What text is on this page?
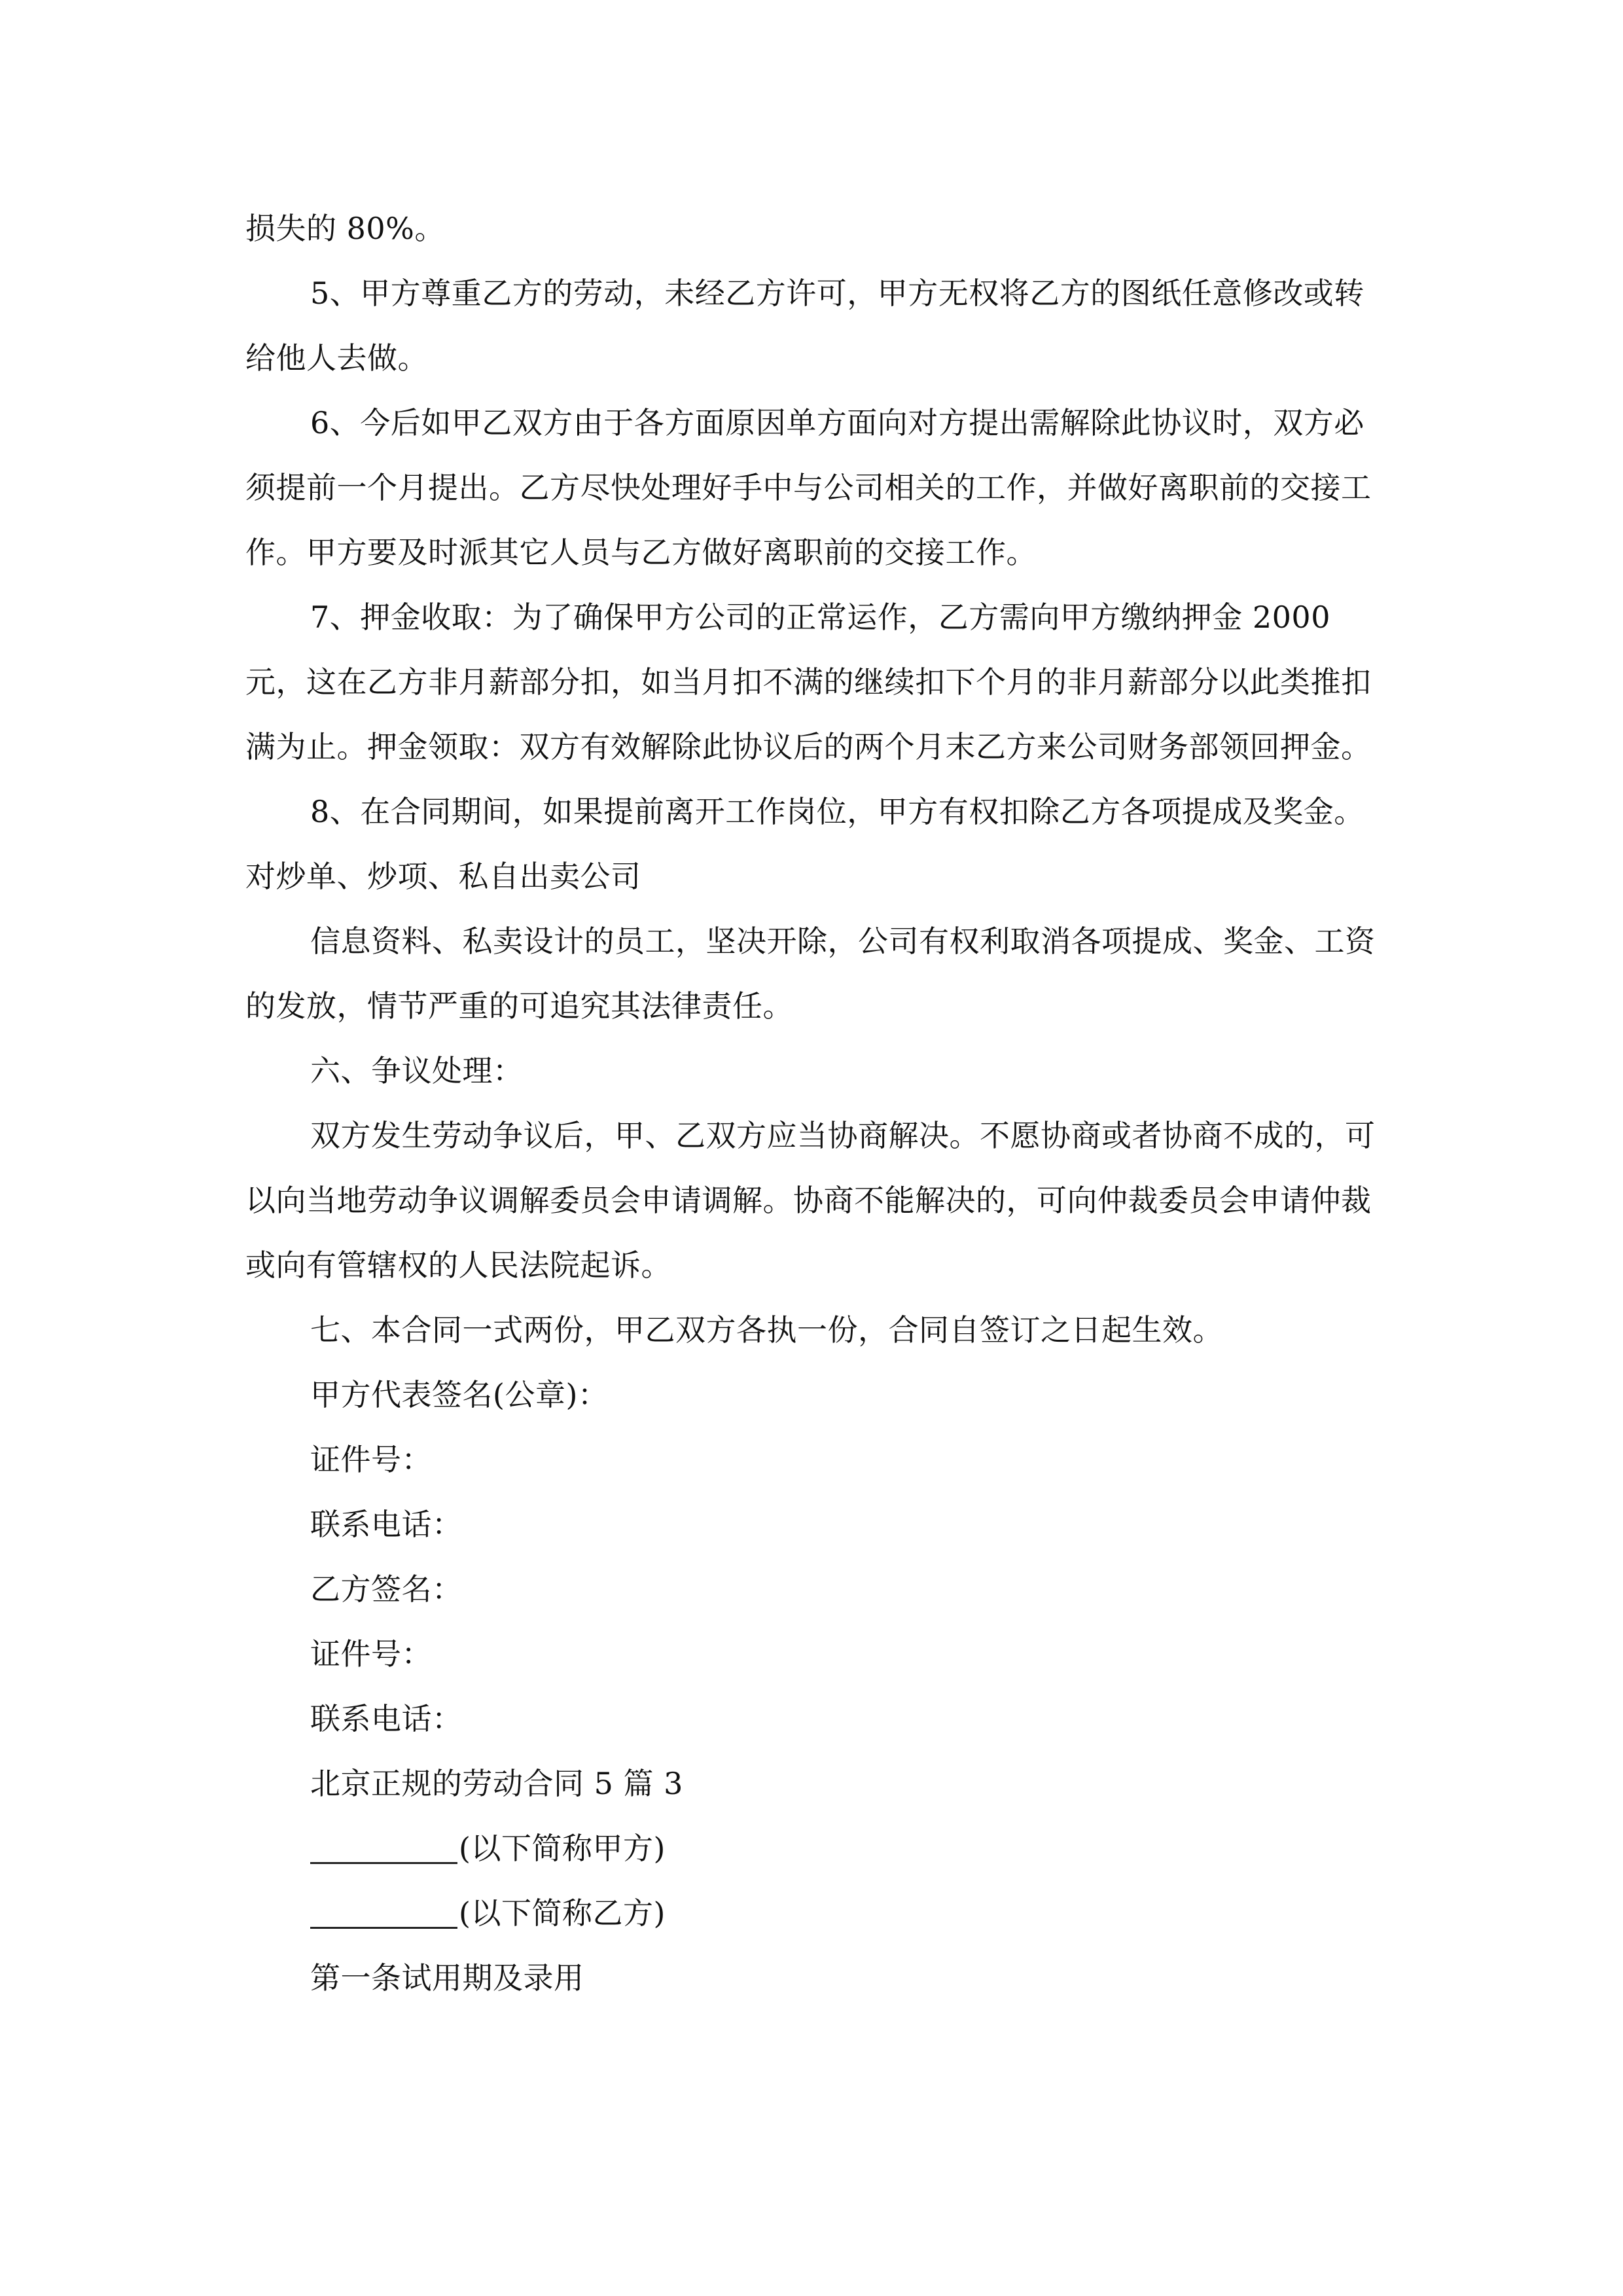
损失的 80%。

5、甲方尊重乙方的劳动，未经乙方许可，甲方无权将乙方的图纸任意修改或转给他人去做。

6、今后如甲乙双方由于各方面原因单方面向对方提出需解除此协议时，双方必须提前一个月提出。乙方尽快处理好手中与公司相关的工作，并做好离职前的交接工作。甲方要及时派其它人员与乙方做好离职前的交接工作。

7、押金收取：为了确保甲方公司的正常运作，乙方需向甲方缴纳押金 2000 元，这在乙方非月薪部分扣，如当月扣不满的继续扣下个月的非月薪部分以此类推扣满为止。押金领取：双方有效解除此协议后的两个月末乙方来公司财务部领回押金。

8、在合同期间，如果提前离开工作岗位，甲方有权扣除乙方各项提成及奖金。对炒单、炒项、私自出卖公司

信息资料、私卖设计的员工，坚决开除，公司有权利取消各项提成、奖金、工资的发放，情节严重的可追究其法律责任。

六、争议处理：

双方发生劳动争议后，甲、乙双方应当协商解决。不愿协商或者协商不成的，可以向当地劳动争议调解委员会申请调解。协商不能解决的，可向仲裁委员会申请仲裁或向有管辖权的人民法院起诉。

七、本合同一式两份，甲乙双方各执一份，合同自签订之日起生效。

甲方代表签名(公章)：

证件号：

联系电话：

乙方签名：

证件号：

联系电话：

北京正规的劳动合同 5 篇 3

(以下简称甲方)

(以下简称乙方)

第一条试用期及录用
